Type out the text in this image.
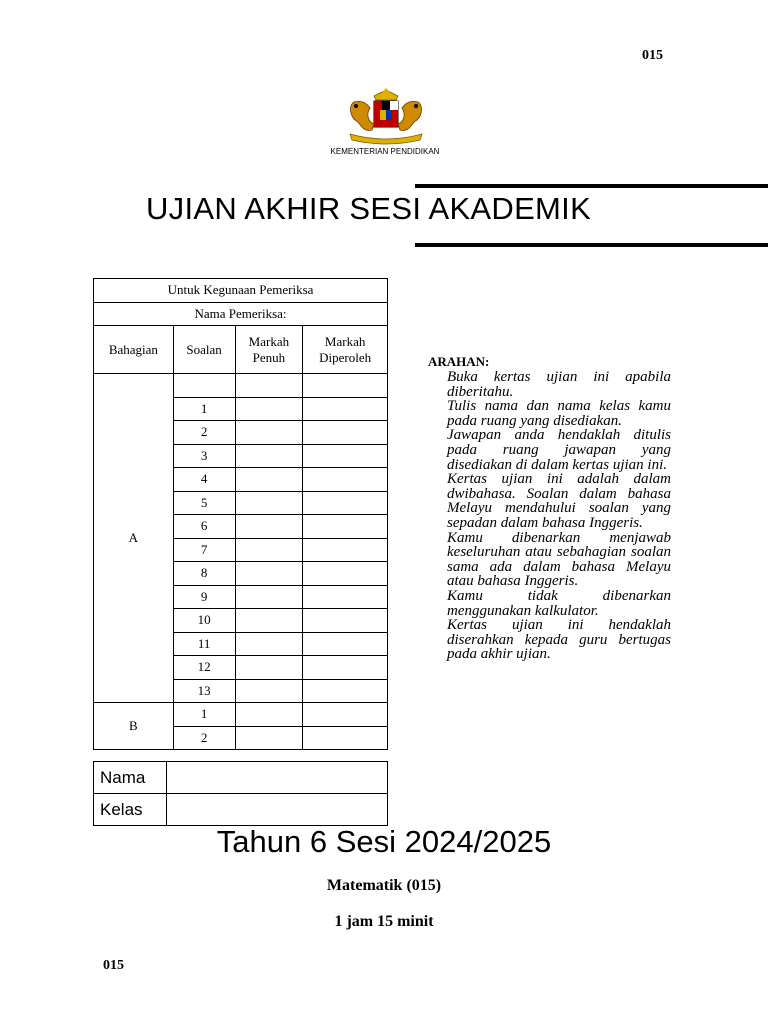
015
KEMENTERIAN PENDIDIKAN
UJIAN AKHIR SESI AKADEMIK
Untuk Kegunaan Pemeriksa			
Nama Pemeriksa:			
Bahagian	Soalan	Markah Penuh	Markah Diperoleh
A			
	1		
	2		
	3		
	4		
	5		
	6		
	7		
	8		
	9		
	10		
	11		
	12		
	13		
B	1		
	2		
Nama	
Kelas	
ARAHAN:
Buka kertas ujian ini apabila diberitahu.
Tulis nama dan nama kelas kamu pada ruang yang disediakan.
Jawapan anda hendaklah ditulis pada ruang jawapan yang disediakan di dalam kertas ujian ini.
Kertas ujian ini adalah dalam dwibahasa. Soalan dalam bahasa Melayu mendahului soalan yang sepadan dalam bahasa Inggeris.
Kamu dibenarkan menjawab keseluruhan atau sebahagian soalan sama ada dalam bahasa Melayu atau bahasa Inggeris.
Kamu tidak dibenarkan menggunakan kalkulator.
Kertas ujian ini hendaklah diserahkan kepada guru bertugas pada akhir ujian.
Tahun 6 Sesi 2024/2025
Matematik (015)
1 jam 15 minit
015
